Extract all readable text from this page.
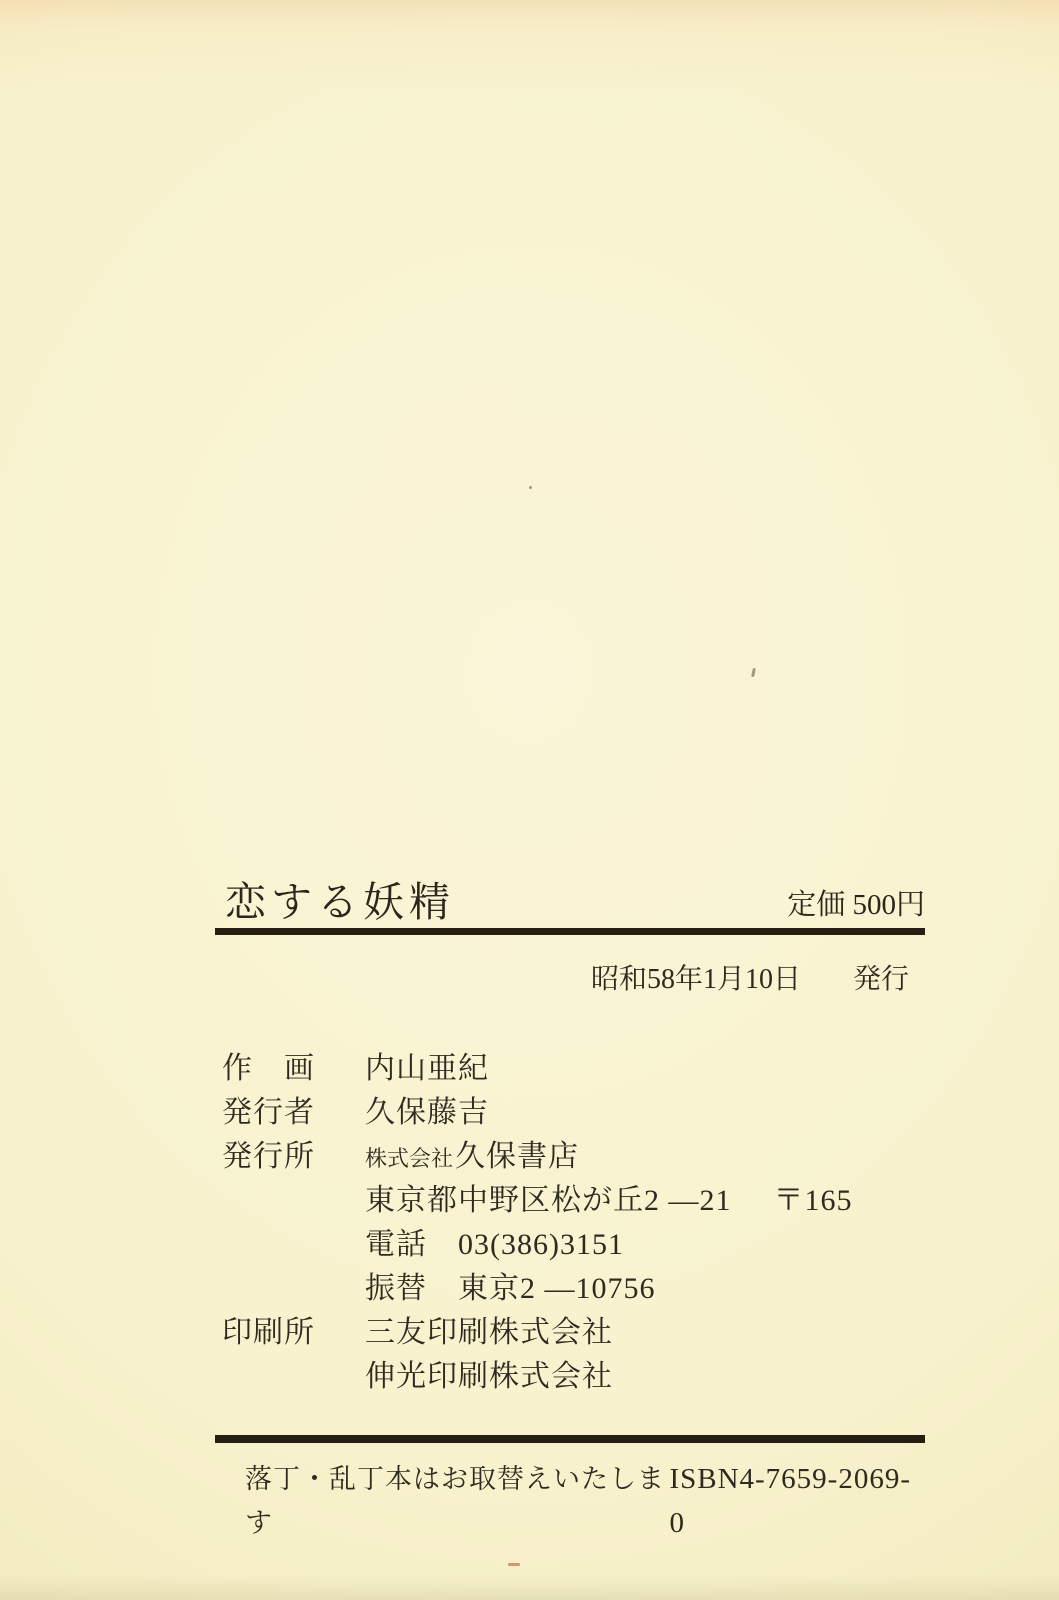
恋する妖精	定価 500円
昭和58年1月10日 発行
作　画	内山亜紀
発行者	久保藤吉
発行所	株式会社久保書店
東京都中野区松が丘2 —21 〒165
電話　03(386)3151
振替　東京2 —10756
印刷所	三友印刷株式会社
伸光印刷株式会社
落丁・乱丁本はお取替えいたします
ISBN4-7659-2069-0
